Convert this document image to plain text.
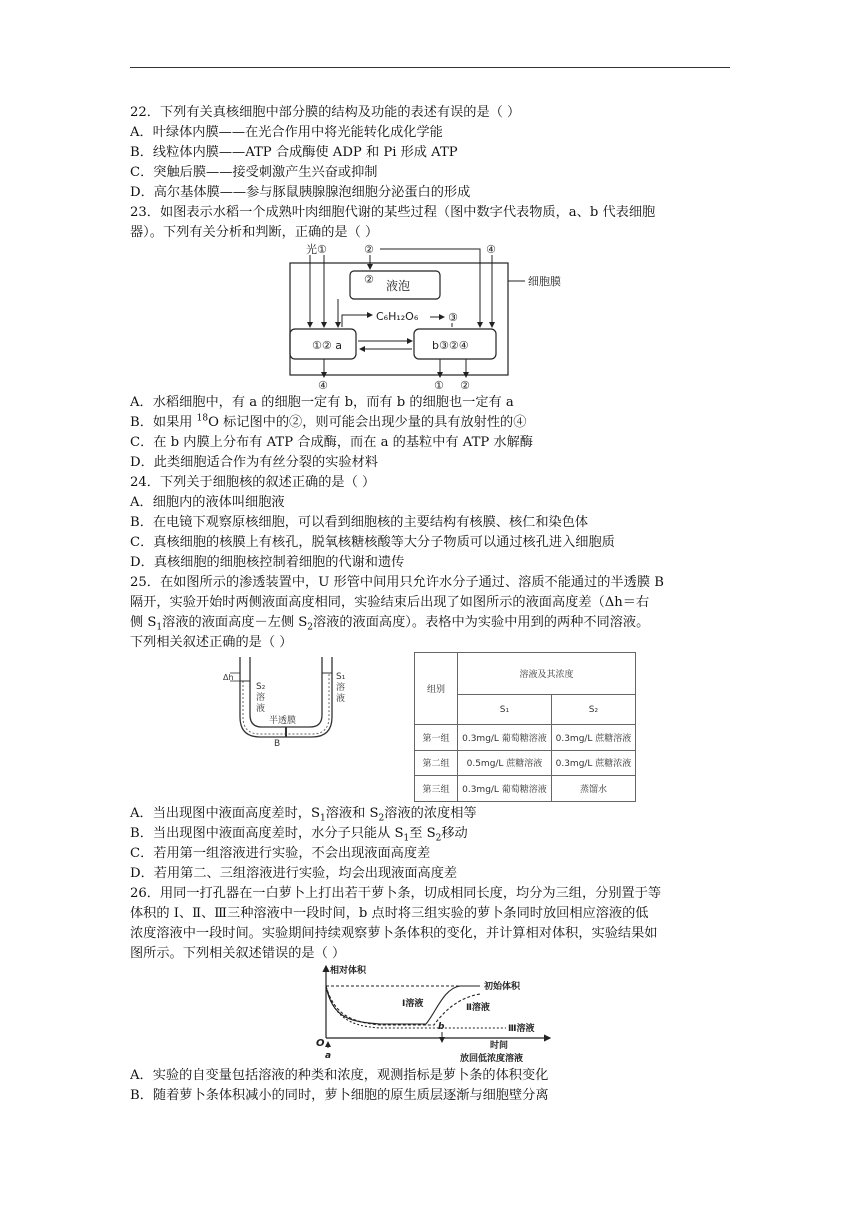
22．下列有关真核细胞中部分膜的结构及功能的表述有误的是（ ）
A．叶绿体内膜——在光合作用中将光能转化成化学能
B．线粒体内膜——ATP 合成酶使 ADP 和 Pi 形成 ATP
C．突触后膜——接受刺激产生兴奋或抑制
D．高尔基体膜——参与豚鼠胰腺腺泡细胞分泌蛋白的形成
23．如图表示水稻一个成熟叶肉细胞代谢的某些过程（图中数字代表物质，a、b 代表细胞
器）。下列有关分析和判断，正确的是（ ）
细胞膜
液泡
②
①② a	b③②④
光①	②	④
C₆H₁₂O₆	③
④	① ②
A．水稻细胞中，有 a 的细胞一定有 b，而有 b 的细胞也一定有 a
B．如果用 $^{18}$O 标记图中的②，则可能会出现少量的具有放射性的④
C．在 b 内膜上分布有 ATP 合成酶，而在 a 的基粒中有 ATP 水解酶
D．此类细胞适合作为有丝分裂的实验材料
24．下列关于细胞核的叙述正确的是（ ）
A．细胞内的液体叫细胞液
B．在电镜下观察原核细胞，可以看到细胞核的主要结构有核膜、核仁和染色体
C．真核细胞的核膜上有核孔，脱氧核糖核酸等大分子物质可以通过核孔进入细胞质
D．真核细胞的细胞核控制着细胞的代谢和遗传
25．在如图所示的渗透装置中，U 形管中间用只允许水分子通过、溶质不能通过的半透膜 B
隔开，实验开始时两侧液面高度相同，实验结束后出现了如图所示的液面高度差（Δh＝右
侧 $S_1$溶液的液面高度－左侧 $S_2$溶液的液面高度）。表格中为实验中用到的两种不同溶液。
下列相关叙述正确的是（ ）
Δh
S₂
溶
液
S₁
溶
液
半透膜
B
组别	溶液及其浓度	
	S₁	S₂
第一组	0.3mg/L 葡萄糖溶液	0.3mg/L 蔗糖溶液
第二组	0.5mg/L 蔗糖溶液	0.3mg/L 蔗糖浓液
第三组	0.3mg/L 葡萄糖溶液	蒸馏水
A．当出现图中液面高度差时，$S_1$溶液和 $S_2$溶液的浓度相等
B．当出现图中液面高度差时，水分子只能从 $S_1$至 $S_2$移动
C．若用第一组溶液进行实验，不会出现液面高度差
D．若用第二、三组溶液进行实验，均会出现液面高度差
26．用同一打孔器在一白萝卜上打出若干萝卜条，切成相同长度，均分为三组，分别置于等
体积的 Ⅰ、Ⅱ、Ⅲ三种溶液中一段时间，b 点时将三组实验的萝卜条同时放回相应溶液的低
浓度溶液中一段时间。实验期间持续观察萝卜条体积的变化，并计算相对体积，实验结果如
图所示。下列相关叙述错误的是（ ）
相对体积
初始体积
Ⅰ溶液	Ⅱ溶液
Ⅲ溶液
O
a
b
时间
放回低浓度溶液
A．实验的自变量包括溶液的种类和浓度，观测指标是萝卜条的体积变化
B．随着萝卜条体积减小的同时，萝卜细胞的原生质层逐渐与细胞壁分离
